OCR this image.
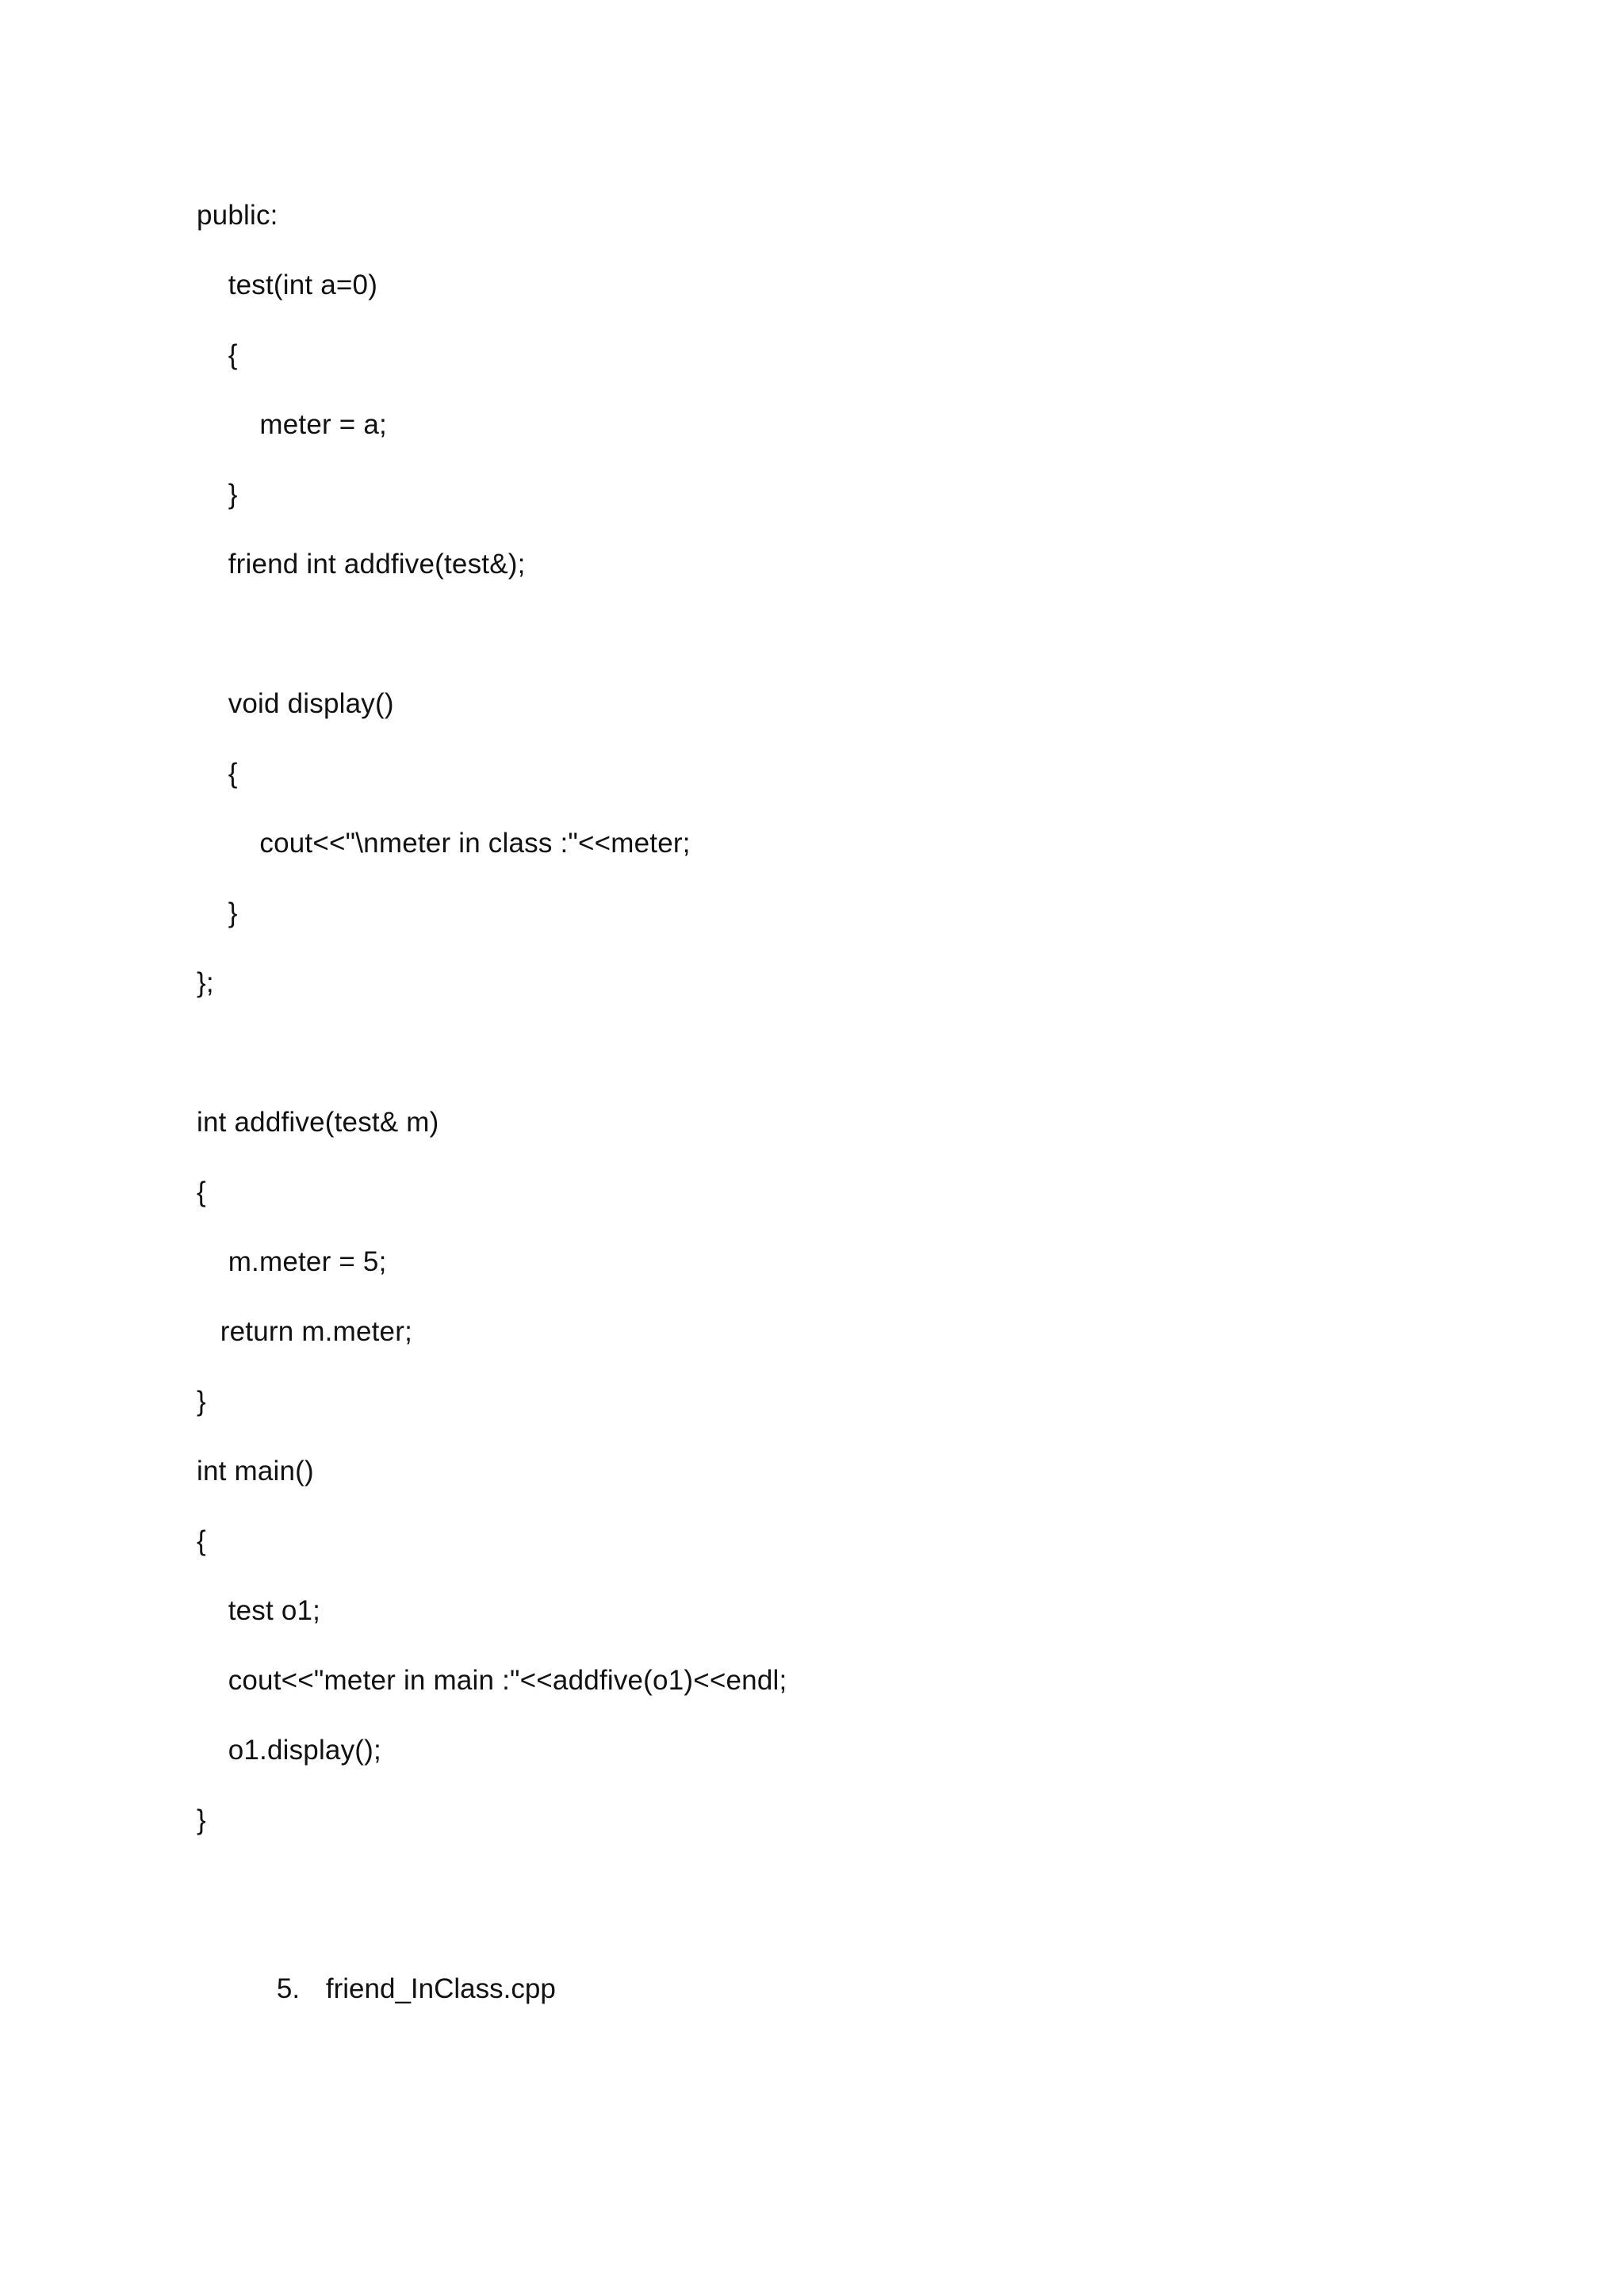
public:
test(int a=0)
{
meter = a;
}
friend int addfive(test&);
void display()
{
cout<<"\nmeter in class :"<<meter;
}
};
int addfive(test& m)
{
m.meter = 5;
return m.meter;
}
int main()
{
test o1;
cout<<"meter in main :"<<addfive(o1)<<endl;
o1.display();
}

5. friend_InClass.cpp
